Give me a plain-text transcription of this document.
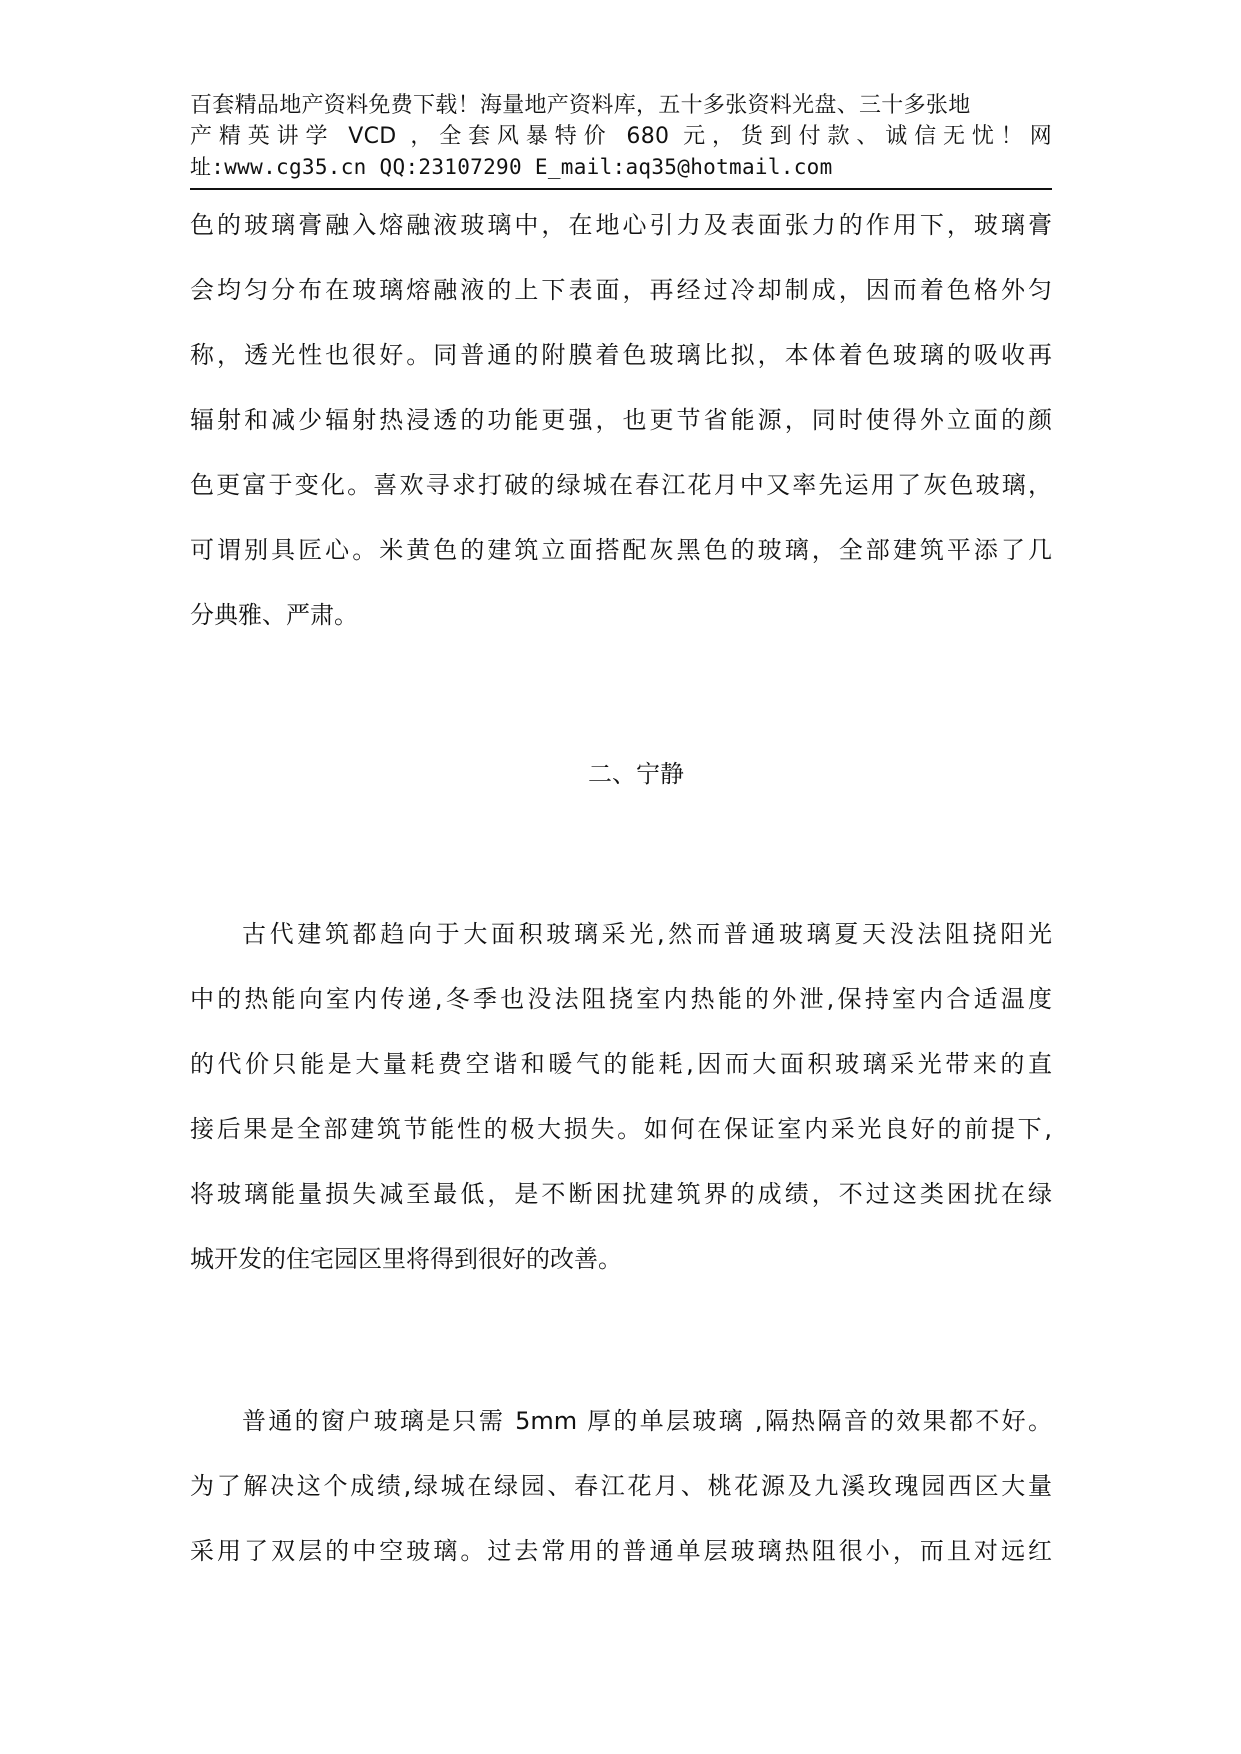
百套精品地产资料免费下载！海量地产资料库，五十多张资料光盘、三十多张地
产精英讲学 VCD ，全套风暴特价 680 元，货到付款、诚信无忧！网
址:www.cg35.cn QQ:23107290 E_mail:aq35@hotmail.com
色的玻璃膏融入熔融液玻璃中，在地心引力及表面张力的作用下，玻璃膏
会均匀分布在玻璃熔融液的上下表面，再经过冷却制成，因而着色格外匀
称，透光性也很好。同普通的附膜着色玻璃比拟，本体着色玻璃的吸收再
辐射和减少辐射热浸透的功能更强，也更节省能源，同时使得外立面的颜
色更富于变化。喜欢寻求打破的绿城在春江花月中又率先运用了灰色玻璃，
可谓别具匠心。米黄色的建筑立面搭配灰黑色的玻璃，全部建筑平添了几
分典雅、严肃。
二、宁静
古代建筑都趋向于大面积玻璃采光,然而普通玻璃夏天没法阻挠阳光
中的热能向室内传递,冬季也没法阻挠室内热能的外泄,保持室内合适温度
的代价只能是大量耗费空谐和暖气的能耗,因而大面积玻璃采光带来的直
接后果是全部建筑节能性的极大损失。如何在保证室内采光良好的前提下,
将玻璃能量损失减至最低，是不断困扰建筑界的成绩，不过这类困扰在绿
城开发的住宅园区里将得到很好的改善。
普通的窗户玻璃是只需 5mm 厚的单层玻璃 ,隔热隔音的效果都不好。
为了解决这个成绩,绿城在绿园、春江花月、桃花源及九溪玫瑰园西区大量
采用了双层的中空玻璃。过去常用的普通单层玻璃热阻很小，而且对远红
